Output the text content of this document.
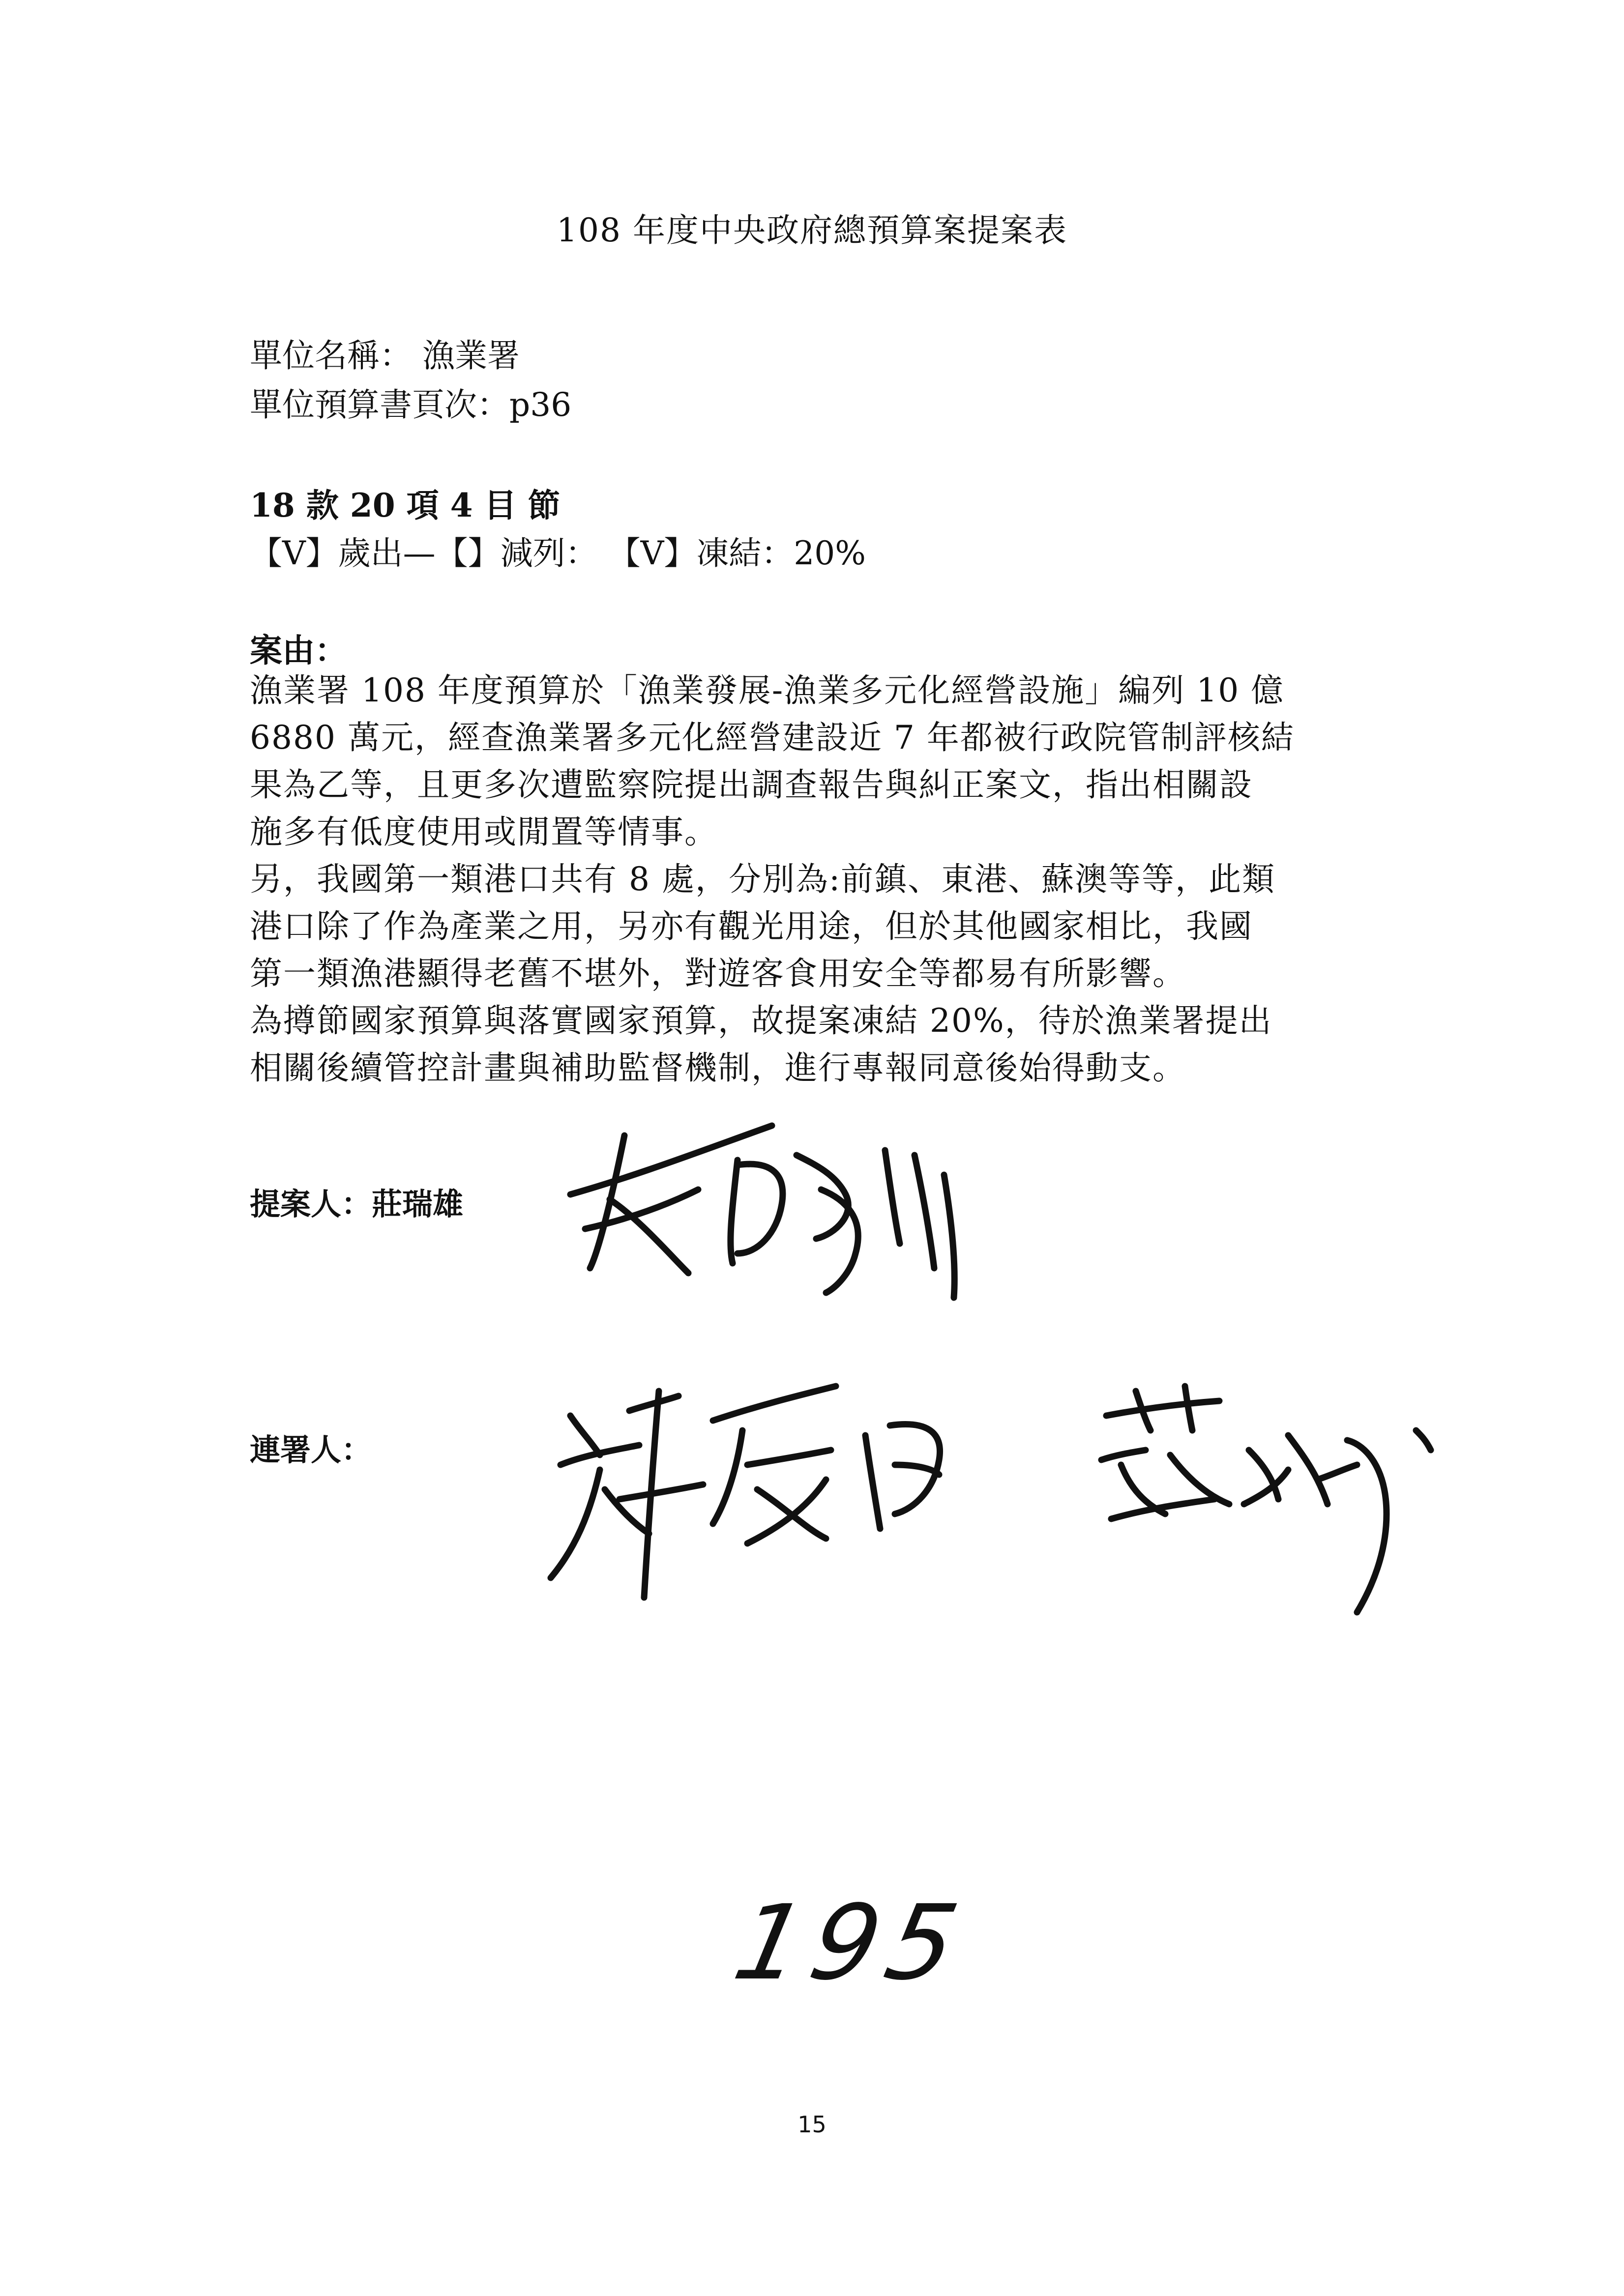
108 年度中央政府總預算案提案表
單位名稱： 漁業署
單位預算書頁次：p36
18 款 20 項 4 目 節
【V】歲出—【】減列： 【V】凍結：20%
案由：

漁業署 108 年度預算於「漁業發展-漁業多元化經營設施」編列 10 億

6880 萬元，經查漁業署多元化經營建設近 7 年都被行政院管制評核結

果為乙等，且更多次遭監察院提出調查報告與糾正案文，指出相關設

施多有低度使用或閒置等情事。

另，我國第一類港口共有 8 處，分別為:前鎮、東港、蘇澳等等，此類

港口除了作為產業之用，另亦有觀光用途，但於其他國家相比，我國

第一類漁港顯得老舊不堪外，對遊客食用安全等都易有所影響。

為撙節國家預算與落實國家預算，故提案凍結 20%，待於漁業署提出

相關後續管控計畫與補助監督機制，進行專報同意後始得動支。

提案人：莊瑞雄
連署人：
195
15
